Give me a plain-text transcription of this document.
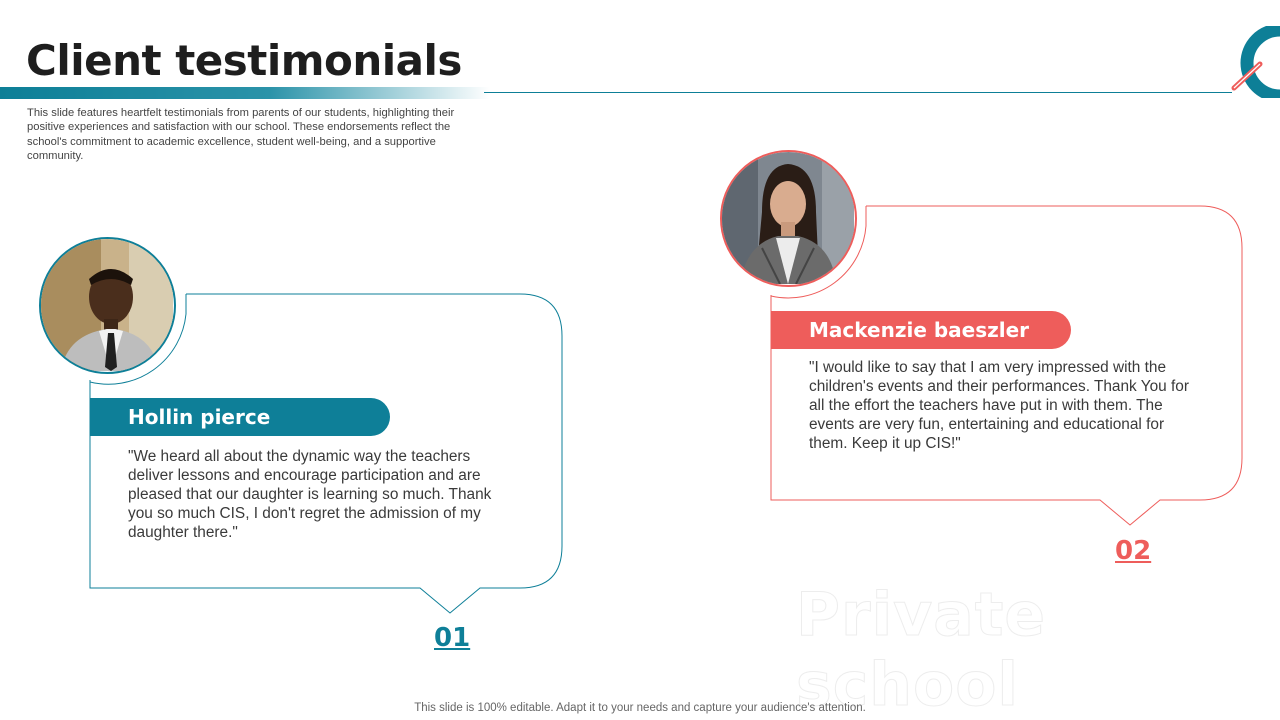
Client testimonials
This slide features heartfelt testimonials from parents of our students, highlighting their positive experiences and satisfaction with our school. These endorsements reflect the school's commitment to academic excellence, student well-being, and a supportive community.
Hollin pierce
"We heard all about the dynamic way the teachers deliver lessons and encourage participation and are pleased that our daughter is learning so much. Thank you so much CIS, I don't regret the admission of my daughter there."
01
Mackenzie baeszler
"I would like to say that I am very impressed with the children's events and their performances. Thank You for all the effort the teachers have put in with them. The events are very fun, entertaining and educational for them. Keep it up CIS!"
02
Private school
This slide is 100% editable. Adapt it to your needs and capture your audience's attention.
